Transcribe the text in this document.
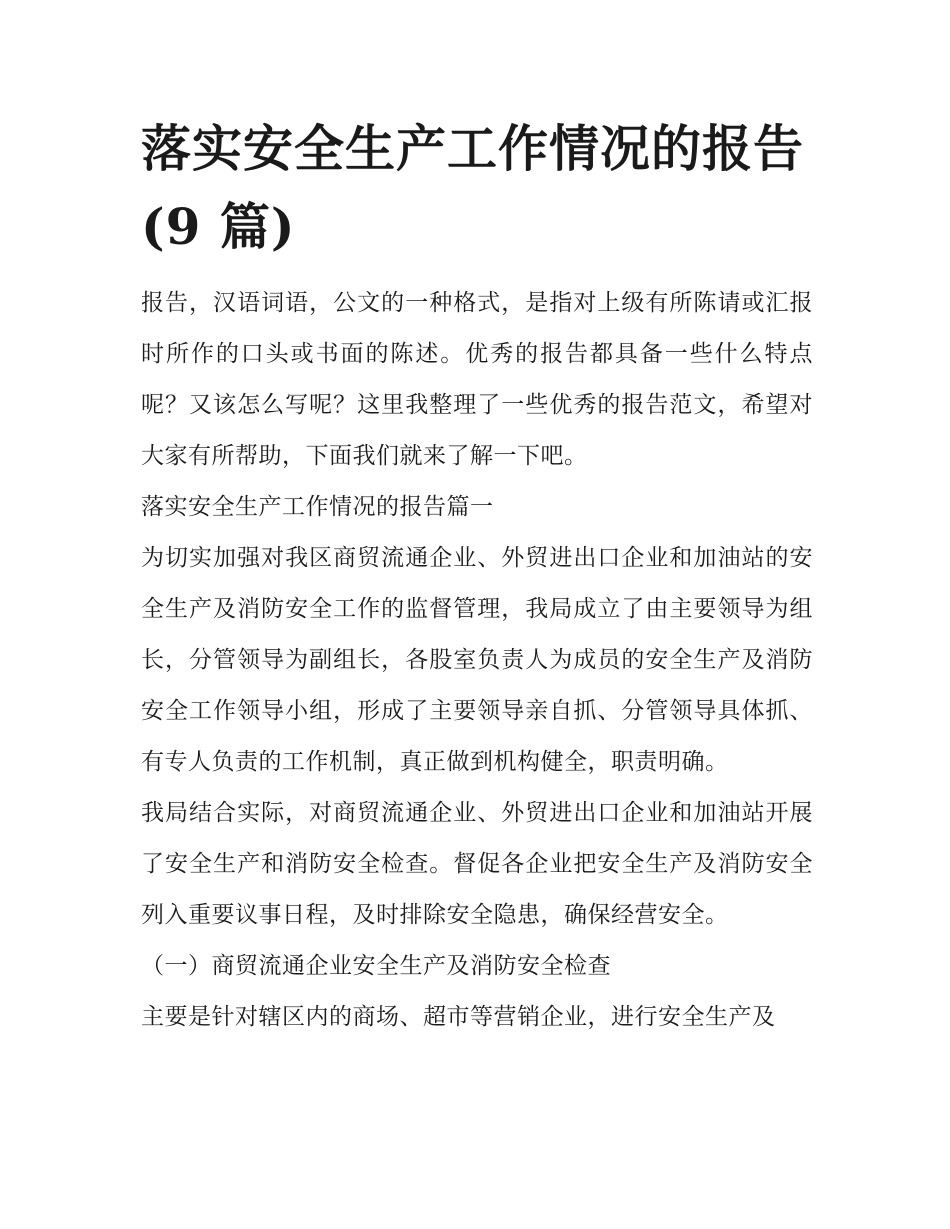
落实安全生产工作情况的报告
(9 篇)

报告，汉语词语，公文的一种格式，是指对上级有所陈请或汇报时所作的口头或书面的陈述。优秀的报告都具备一些什么特点呢？又该怎么写呢？这里我整理了一些优秀的报告范文，希望对大家有所帮助，下面我们就来了解一下吧。

落实安全生产工作情况的报告篇一

为切实加强对我区商贸流通企业、外贸进出口企业和加油站的安全生产及消防安全工作的监督管理，我局成立了由主要领导为组长，分管领导为副组长，各股室负责人为成员的安全生产及消防安全工作领导小组，形成了主要领导亲自抓、分管领导具体抓、有专人负责的工作机制，真正做到机构健全，职责明确。

我局结合实际，对商贸流通企业、外贸进出口企业和加油站开展了安全生产和消防安全检查。督促各企业把安全生产及消防安全列入重要议事日程，及时排除安全隐患，确保经营安全。

（一）商贸流通企业安全生产及消防安全检查

主要是针对辖区内的商场、超市等营销企业，进行安全生产及
